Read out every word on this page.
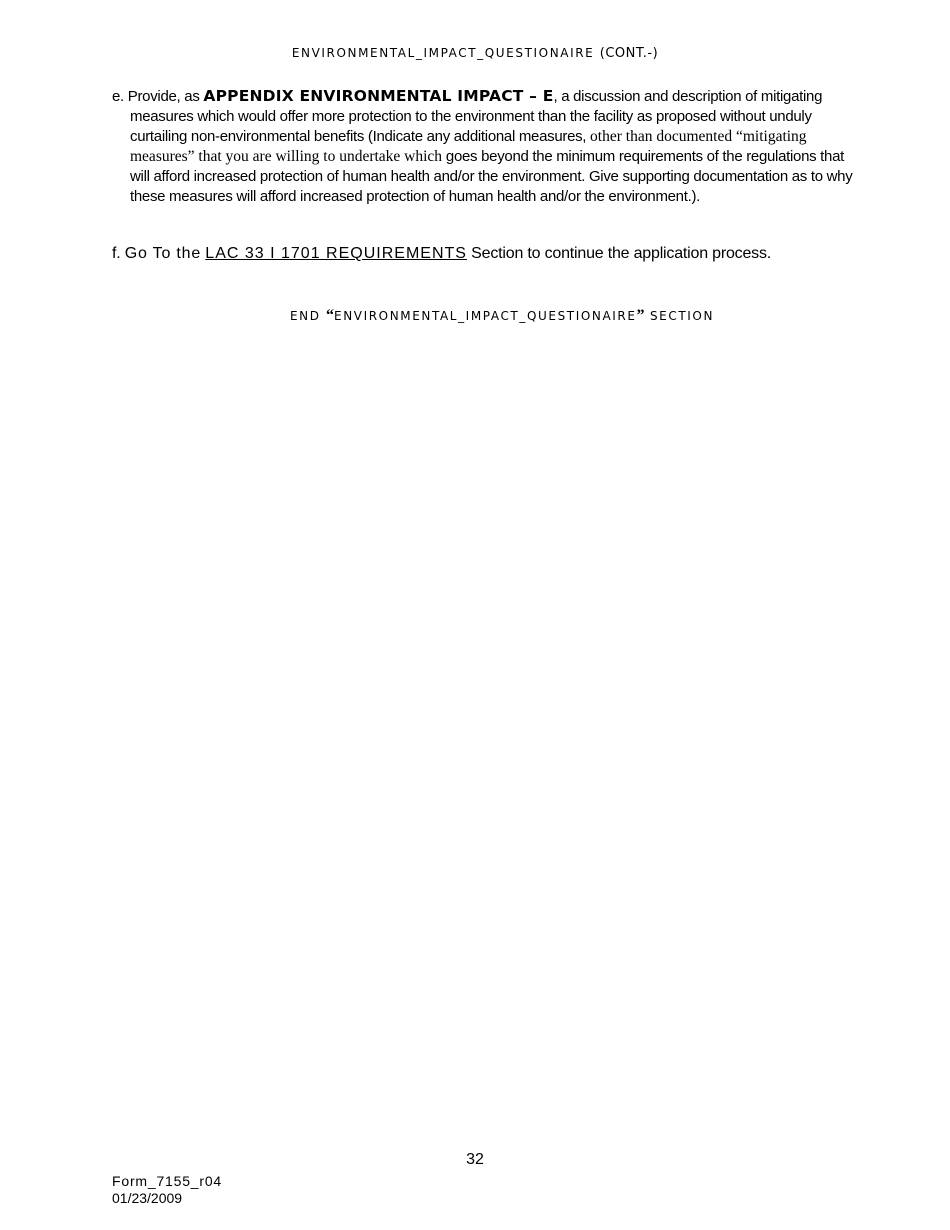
ENVIRONMENTAL_IMPACT_QUESTIONAIRE (CONT.-)
e. Provide, as APPENDIX ENVIRONMENTAL IMPACT – E, a discussion and description of mitigating measures which would offer more protection to the environment than the facility as proposed without unduly curtailing non-environmental benefits (Indicate any additional measures, other than documented “mitigating measures” that you are willing to undertake which goes beyond the minimum requirements of the regulations that will afford increased protection of human health and/or the environment. Give supporting documentation as to why these measures will afford increased protection of human health and/or the environment.).
f. Go To the LAC 33 I 1701 REQUIREMENTS Section to continue the application process.
END “ENVIRONMENTAL_IMPACT_QUESTIONAIRE” SECTION
32
Form_7155_r04
01/23/2009
